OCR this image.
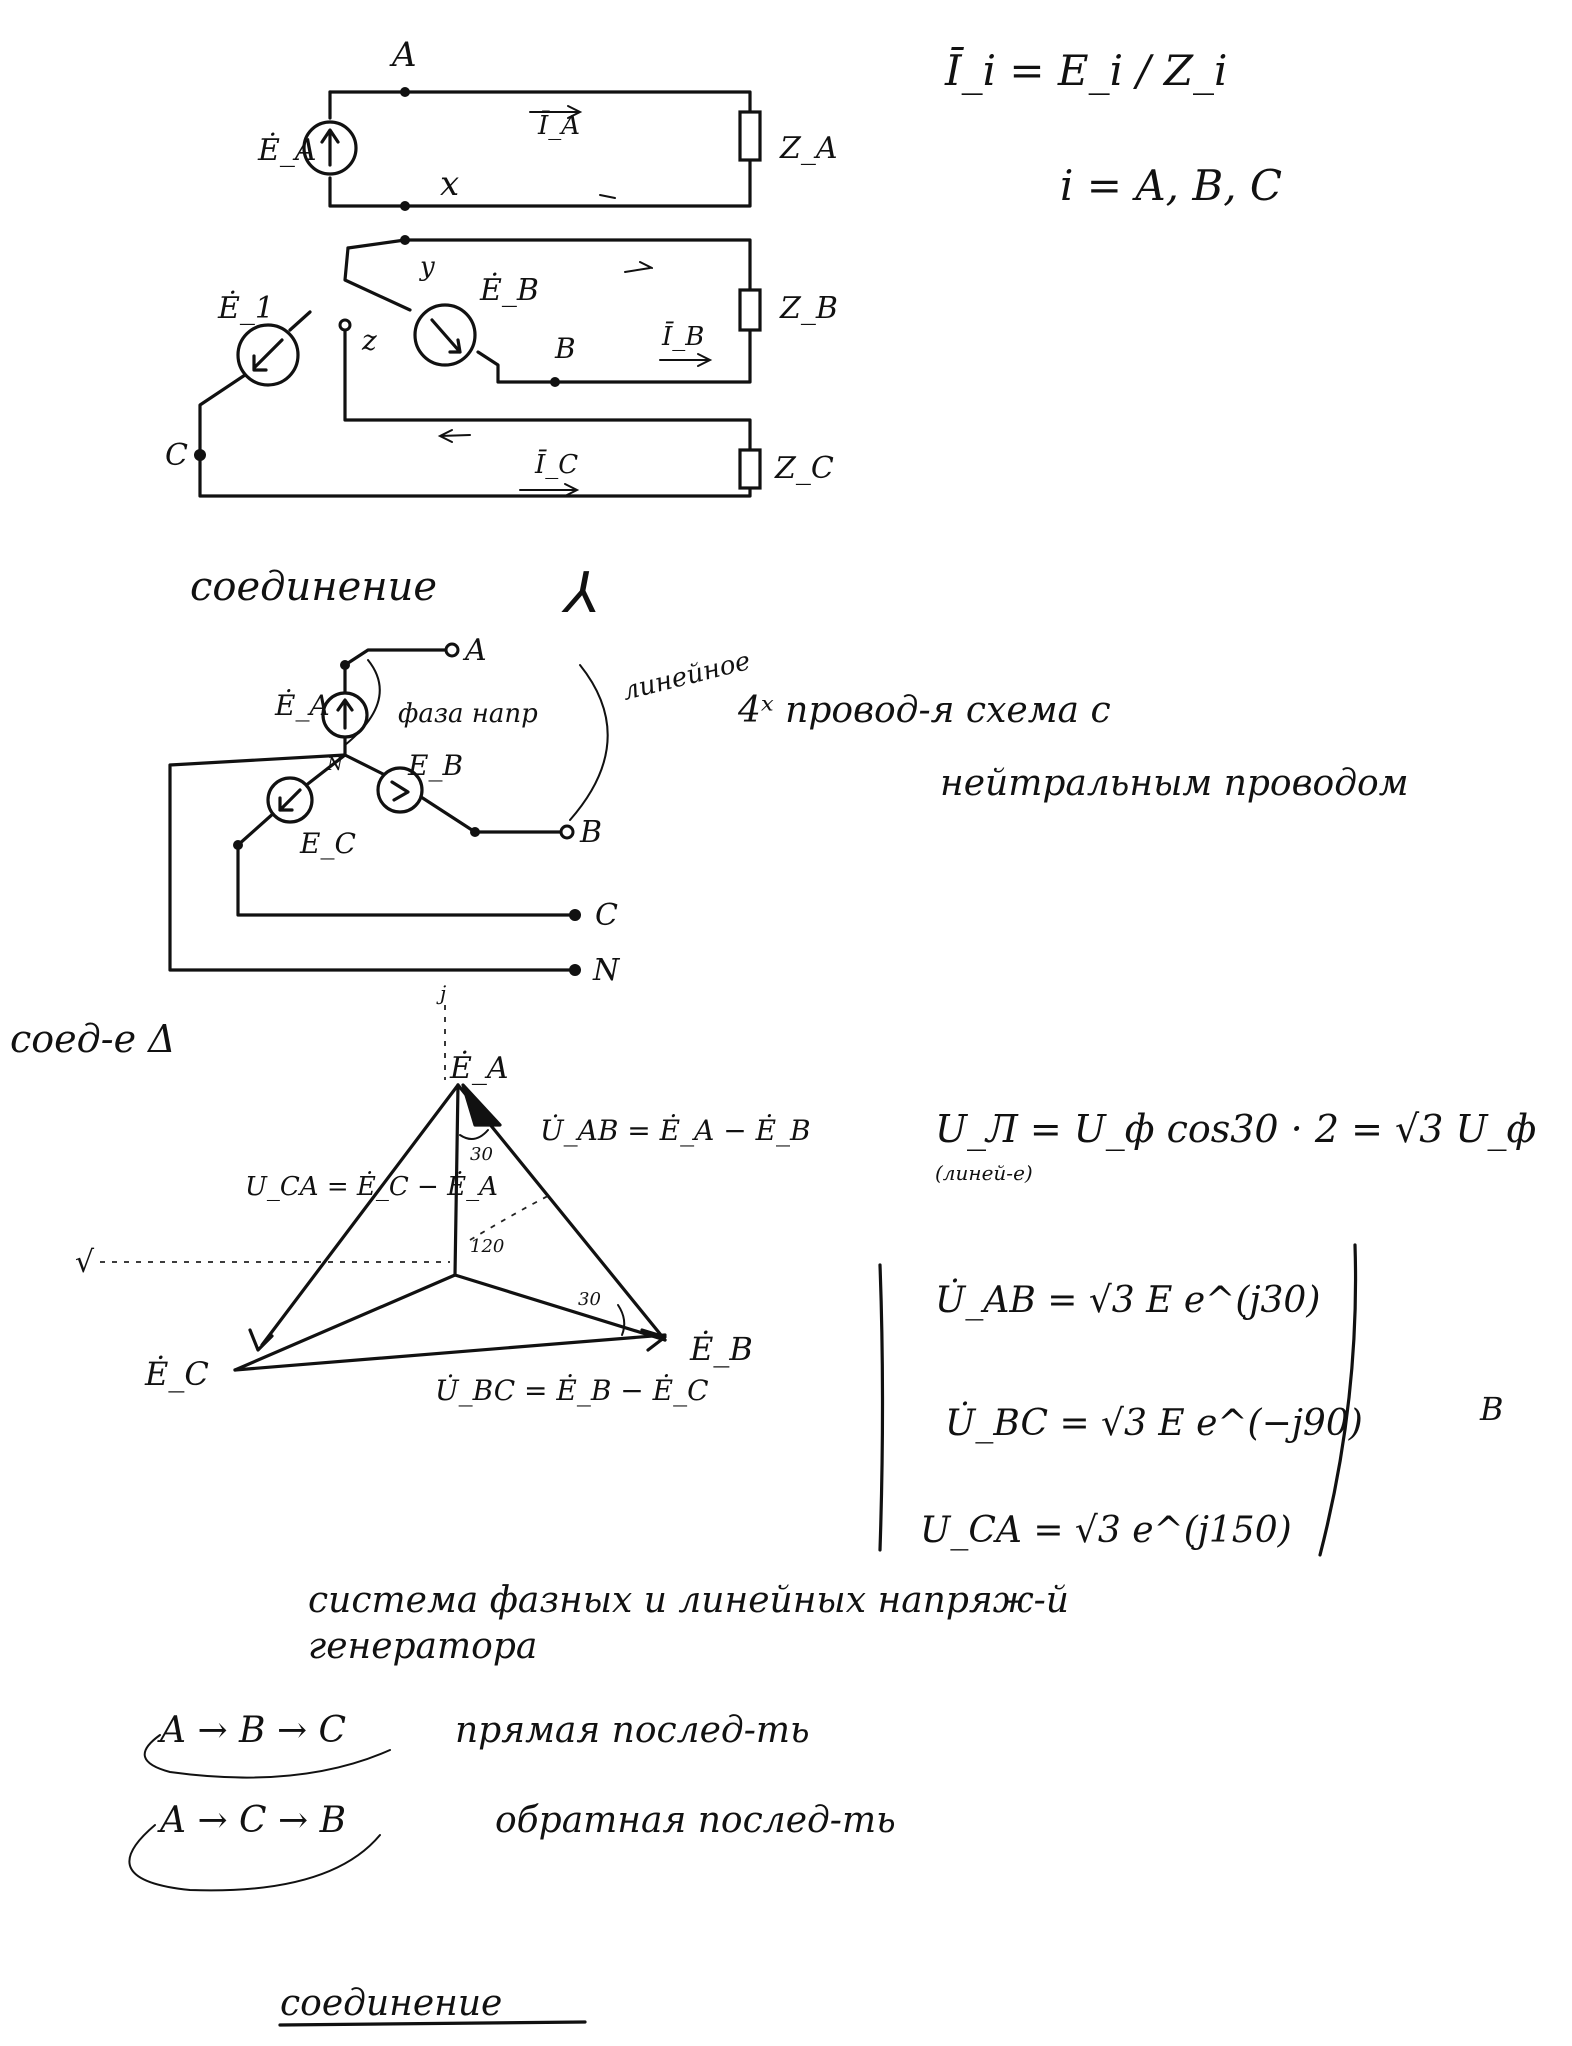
A
Ė_A
Ī_A
x
Z_A
y
Ė_B
B	Ī_B
Z_B
Ė_1
z
C	Ī_C	Z_C
Ī_i = E_i / Z_i
i = A, B, C
соединение ⅄
Ė_A	фаза напр
E_B
E_C
N
линейное
A
B
C
N
4ˣ провод-я схема с
нейтральным проводом
соед-е Δ
j
√
Ė_A
Ė_B
Ė_C
U̇_AB = Ė_A − Ė_B
U_CA = Ė_C − Ė_A
U̇_BC = Ė_B − Ė_C
30
120
30
U_Л = U_ф cos30 · 2 = √3 U_ф
(линей-е)
U̇_AB = √3 E e^(j30)
U̇_BC = √3 E e^(−j90)
U_CA = √3 e^(j150)
В
система фазных и линейных напряж-й
генератора
A → B → C	прямая послед-ть
A → C → B	обратная послед-ть
соединение
